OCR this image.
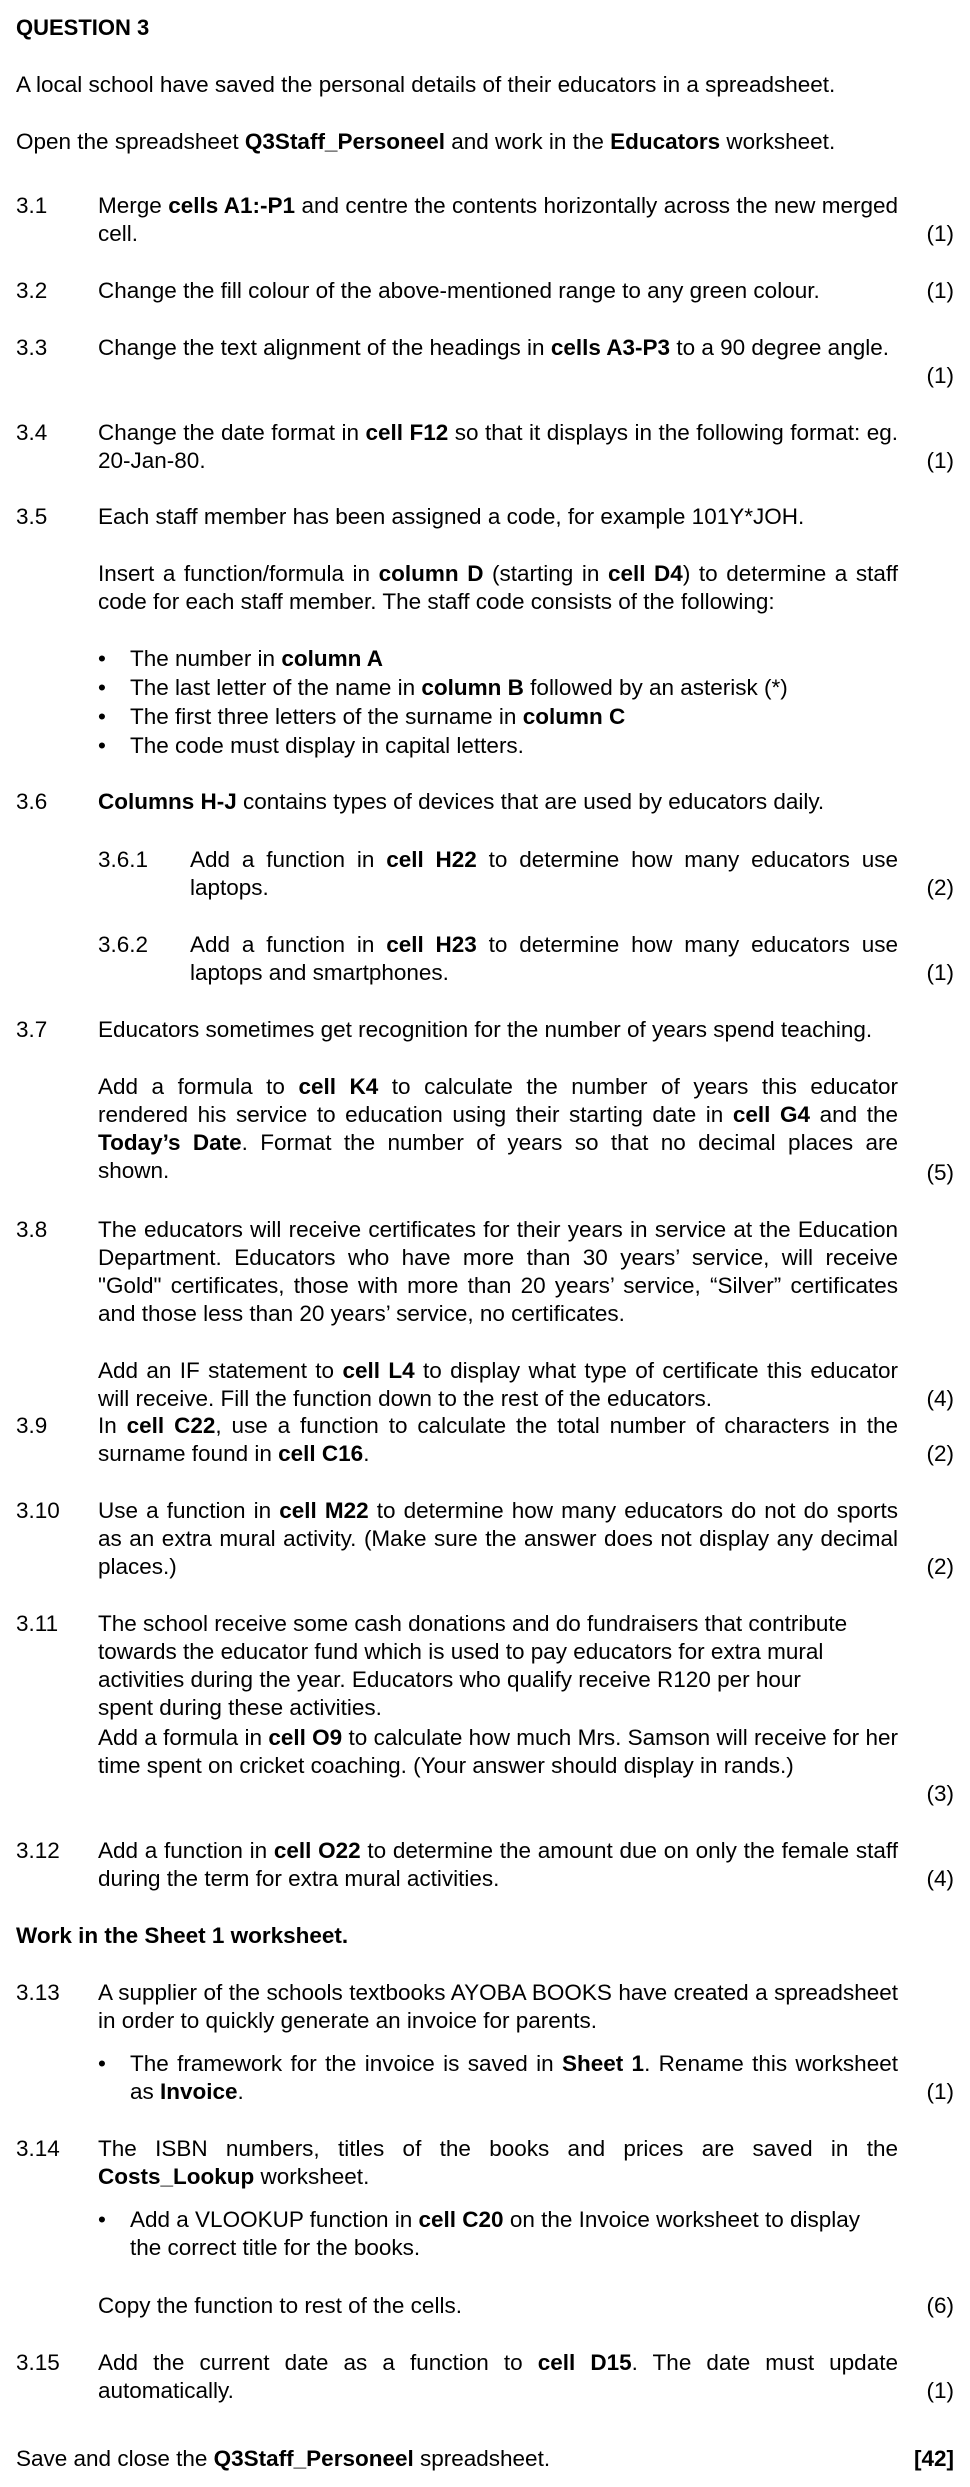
QUESTION 3
A local school have saved the personal details of their educators in a spreadsheet.
Open the spreadsheet Q3Staff_Personeel and work in the Educators worksheet.
3.1 Merge cells A1:-P1 and centre the contents horizontally across the new merged cell.	(1)
3.2 Change the fill colour of the above-mentioned range to any green colour.	(1)
3.3 Change the text alignment of the headings in cells A3-P3 to a 90 degree angle.
(1)
3.4 Change the date format in cell F12 so that it displays in the following format: eg. 20-Jan-80.	(1)
3.5 Each staff member has been assigned a code, for example 101Y*JOH.
Insert a function/formula in column D (starting in cell D4) to determine a staff code for each staff member. The staff code consists of the following:
• The number in column A
• The last letter of the name in column B followed by an asterisk (*)
• The first three letters of the surname in column C
• The code must display in capital letters.
3.6 Columns H-J contains types of devices that are used by educators daily.
3.6.1 Add a function in cell H22 to determine how many educators use laptops.	(2)
3.6.2 Add a function in cell H23 to determine how many educators use laptops and smartphones.	(1)
3.7 Educators sometimes get recognition for the number of years spend teaching.
Add a formula to cell K4 to calculate the number of years this educator rendered his service to education using their starting date in cell G4 and the Today’s Date. Format the number of years so that no decimal places are shown.	(5)
3.8 The educators will receive certificates for their years in service at the Education Department. Educators who have more than 30 years’ service, will receive "Gold" certificates, those with more than 20 years’ service, “Silver” certificates and those less than 20 years’ service, no certificates.
Add an IF statement to cell L4 to display what type of certificate this educator will receive. Fill the function down to the rest of the educators.	(4)
3.9 In cell C22, use a function to calculate the total number of characters in the surname found in cell C16.	(2)
3.10 Use a function in cell M22 to determine how many educators do not do sports as an extra mural activity. (Make sure the answer does not display any decimal places.)	(2)
3.11 The school receive some cash donations and do fundraisers that contribute towards the educator fund which is used to pay educators for extra mural activities during the year. Educators who qualify receive R120 per hour spent during these activities.
Add a formula in cell O9 to calculate how much Mrs. Samson will receive for her time spent on cricket coaching. (Your answer should display in rands.)
(3)
3.12 Add a function in cell O22 to determine the amount due on only the female staff during the term for extra mural activities.	(4)
Work in the Sheet 1 worksheet.
3.13 A supplier of the schools textbooks AYOBA BOOKS have created a spreadsheet in order to quickly generate an invoice for parents.
• The framework for the invoice is saved in Sheet 1. Rename this worksheet as Invoice.	(1)
3.14 The ISBN numbers, titles of the books and prices are saved in the Costs_Lookup worksheet.
• Add a VLOOKUP function in cell C20 on the Invoice worksheet to display the correct title for the books.
Copy the function to rest of the cells.	(6)
3.15 Add the current date as a function to cell D15. The date must update automatically.	(1)
Save and close the Q3Staff_Personeel spreadsheet.	[42]
